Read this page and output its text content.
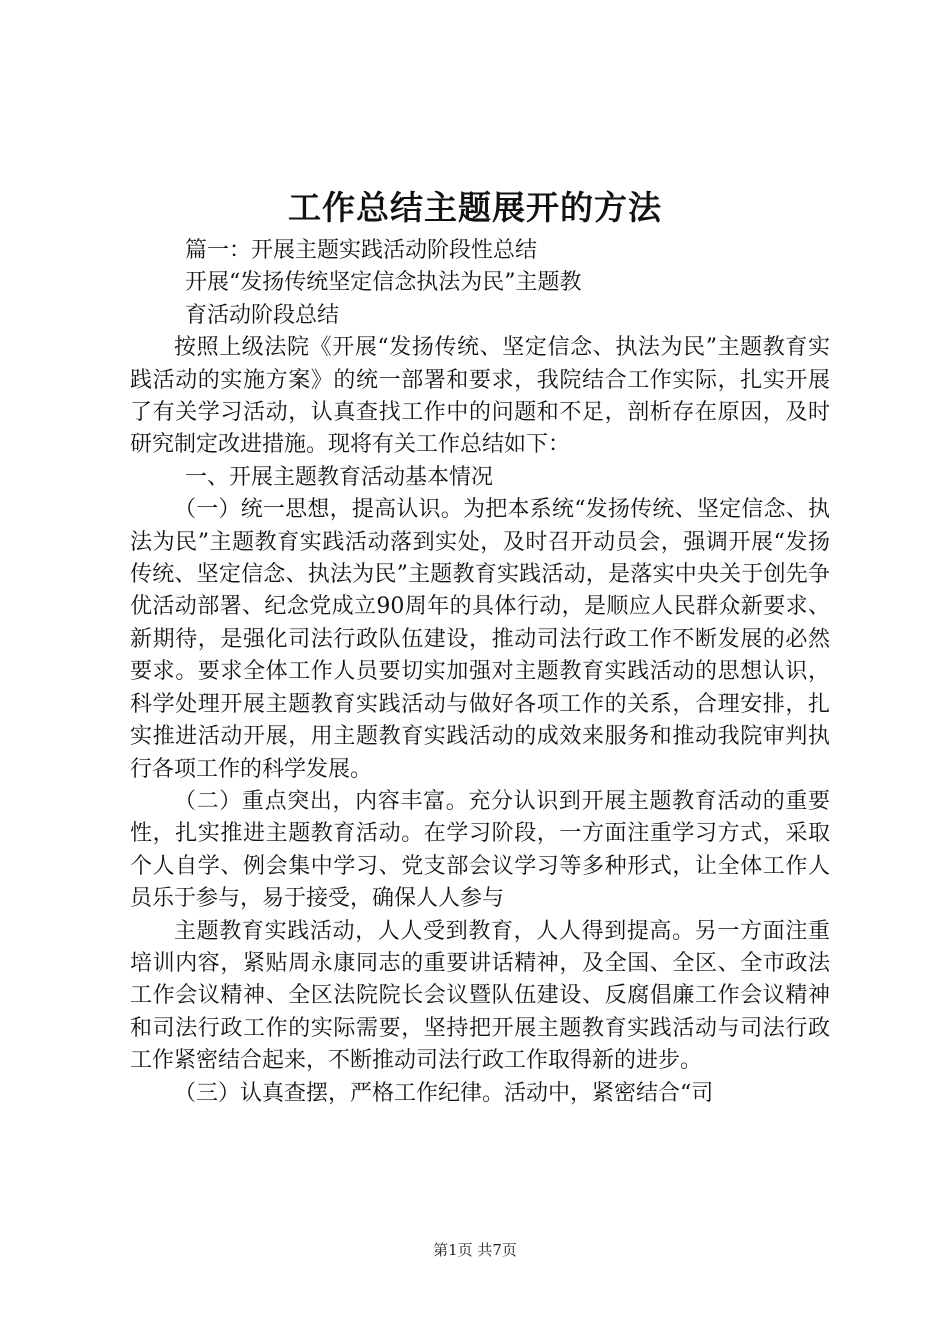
工作总结主题展开的方法

篇一：开展主题实践活动阶段性总结

开展“发扬传统坚定信念执法为民”主题教

育活动阶段总结

按照上级法院《开展“发扬传统、坚定信念、执法为民”主题教育实践活动的实施方案》的统一部署和要求，我院结合工作实际，扎实开展了有关学习活动，认真查找工作中的问题和不足，剖析存在原因，及时研究制定改进措施。现将有关工作总结如下：

一、开展主题教育活动基本情况

（一）统一思想，提高认识。为把本系统“发扬传统、坚定信念、执法为民”主题教育实践活动落到实处，及时召开动员会，强调开展“发扬传统、坚定信念、执法为民”主题教育实践活动，是落实中央关于创先争优活动部署、纪念党成立90周年的具体行动，是顺应人民群众新要求、新期待，是强化司法行政队伍建设，推动司法行政工作不断发展的必然要求。要求全体工作人员要切实加强对主题教育实践活动的思想认识，科学处理开展主题教育实践活动与做好各项工作的关系，合理安排，扎实推进活动开展，用主题教育实践活动的成效来服务和推动我院审判执行各项工作的科学发展。

（二）重点突出，内容丰富。充分认识到开展主题教育活动的重要性，扎实推进主题教育活动。在学习阶段，一方面注重学习方式，采取个人自学、例会集中学习、党支部会议学习等多种形式，让全体工作人员乐于参与，易于接受，确保人人参与

主题教育实践活动，人人受到教育，人人得到提高。另一方面注重培训内容，紧贴周永康同志的重要讲话精神，及全国、全区、全市政法工作会议精神、全区法院院长会议暨队伍建设、反腐倡廉工作会议精神和司法行政工作的实际需要，坚持把开展主题教育实践活动与司法行政工作紧密结合起来，不断推动司法行政工作取得新的进步。

（三）认真查摆，严格工作纪律。活动中，紧密结合“司

第1页 共7页
